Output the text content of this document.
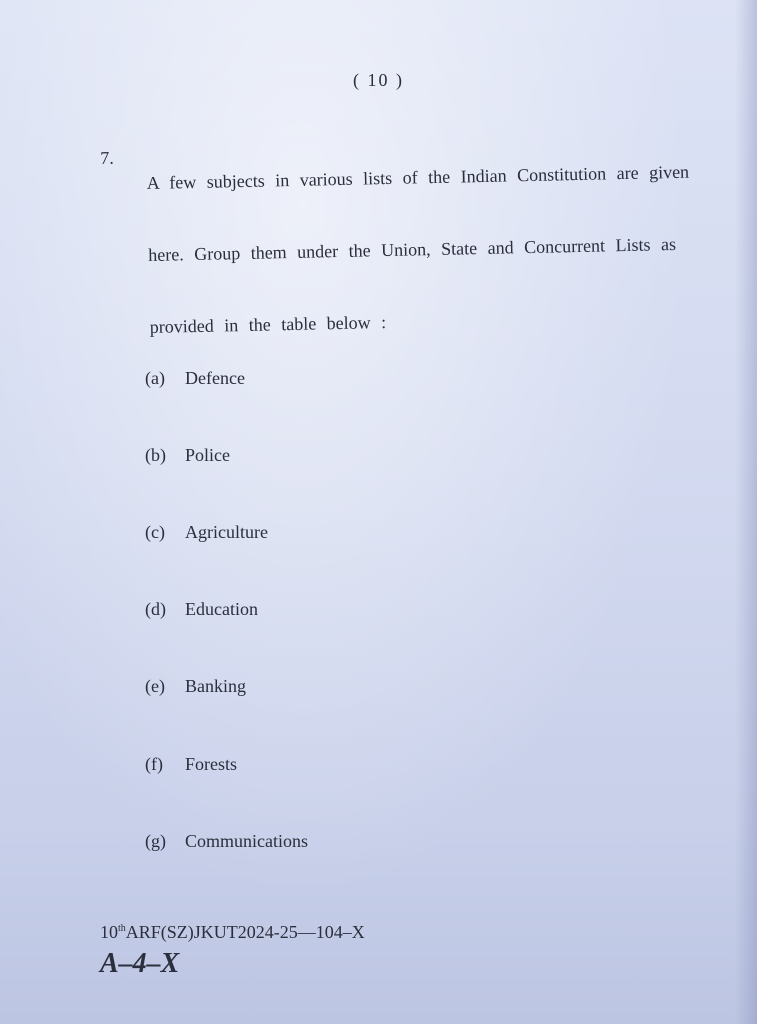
( 10 )
7.
A few subjects in various lists of the Indian Constitution are given
here. Group them under the Union, State and Concurrent Lists as
provided in the table below :
(a) Defence
(b) Police
(c) Agriculture
(d) Education
(e) Banking
(f) Forests
(g) Communications
10thARF(SZ)JKUT2024-25—104–X
A–4–X
